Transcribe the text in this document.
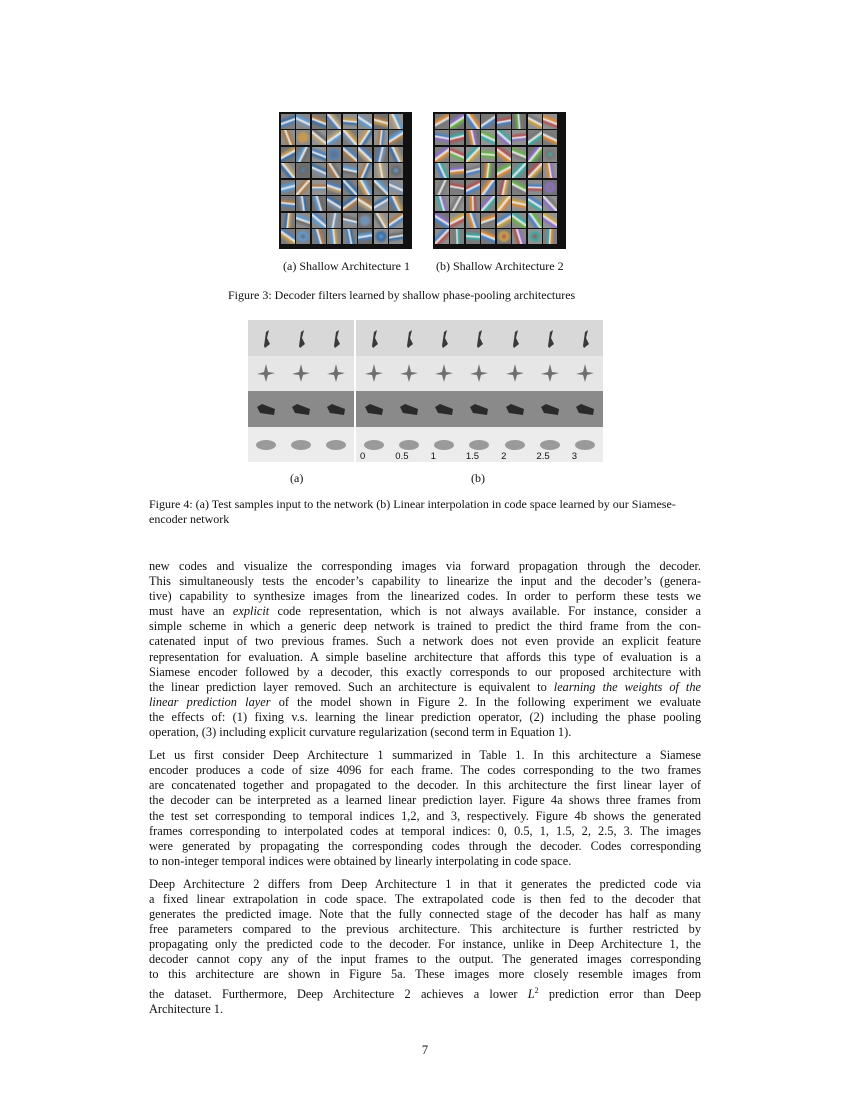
(a) Shallow Architecture 1 (b) Shallow Architecture 2
Figure 3: Decoder filters learned by shallow phase-pooling architectures
0	0.5 1	1.5 2	2.5 3
(a)	(b)
Figure 4: (a) Test samples input to the network (b) Linear interpolation in code space learned by our Siamese-encoder network

new codes and visualize the corresponding images via forward propagation through the decoder.
This simultaneously tests the encoder’s capability to linearize the input and the decoder’s (genera-
tive) capability to synthesize images from the linearized codes. In order to perform these tests we
must have an explicit code representation, which is not always available. For instance, consider a
simple scheme in which a generic deep network is trained to predict the third frame from the con-
catenated input of two previous frames. Such a network does not even provide an explicit feature
representation for evaluation. A simple baseline architecture that affords this type of evaluation is a
Siamese encoder followed by a decoder, this exactly corresponds to our proposed architecture with
the linear prediction layer removed. Such an architecture is equivalent to learning the weights of the
linear prediction layer of the model shown in Figure 2. In the following experiment we evaluate
the effects of: (1) fixing v.s. learning the linear prediction operator, (2) including the phase pooling
operation, (3) including explicit curvature regularization (second term in Equation 1).

Let us first consider Deep Architecture 1 summarized in Table 1. In this architecture a Siamese
encoder produces a code of size 4096 for each frame. The codes corresponding to the two frames
are concatenated together and propagated to the decoder. In this architecture the first linear layer of
the decoder can be interpreted as a learned linear prediction layer. Figure 4a shows three frames from
the test set corresponding to temporal indices 1,2, and 3, respectively. Figure 4b shows the generated
frames corresponding to interpolated codes at temporal indices: 0, 0.5, 1, 1.5, 2, 2.5, 3. The images
were generated by propagating the corresponding codes through the decoder. Codes corresponding
to non-integer temporal indices were obtained by linearly interpolating in code space.

Deep Architecture 2 differs from Deep Architecture 1 in that it generates the predicted code via
a fixed linear extrapolation in code space. The extrapolated code is then fed to the decoder that
generates the predicted image. Note that the fully connected stage of the decoder has half as many
free parameters compared to the previous architecture. This architecture is further restricted by
propagating only the predicted code to the decoder. For instance, unlike in Deep Architecture 1, the
decoder cannot copy any of the input frames to the output. The generated images corresponding
to this architecture are shown in Figure 5a. These images more closely resemble images from
the dataset. Furthermore, Deep Architecture 2 achieves a lower $L^2$ prediction error than Deep
Architecture 1.

7
